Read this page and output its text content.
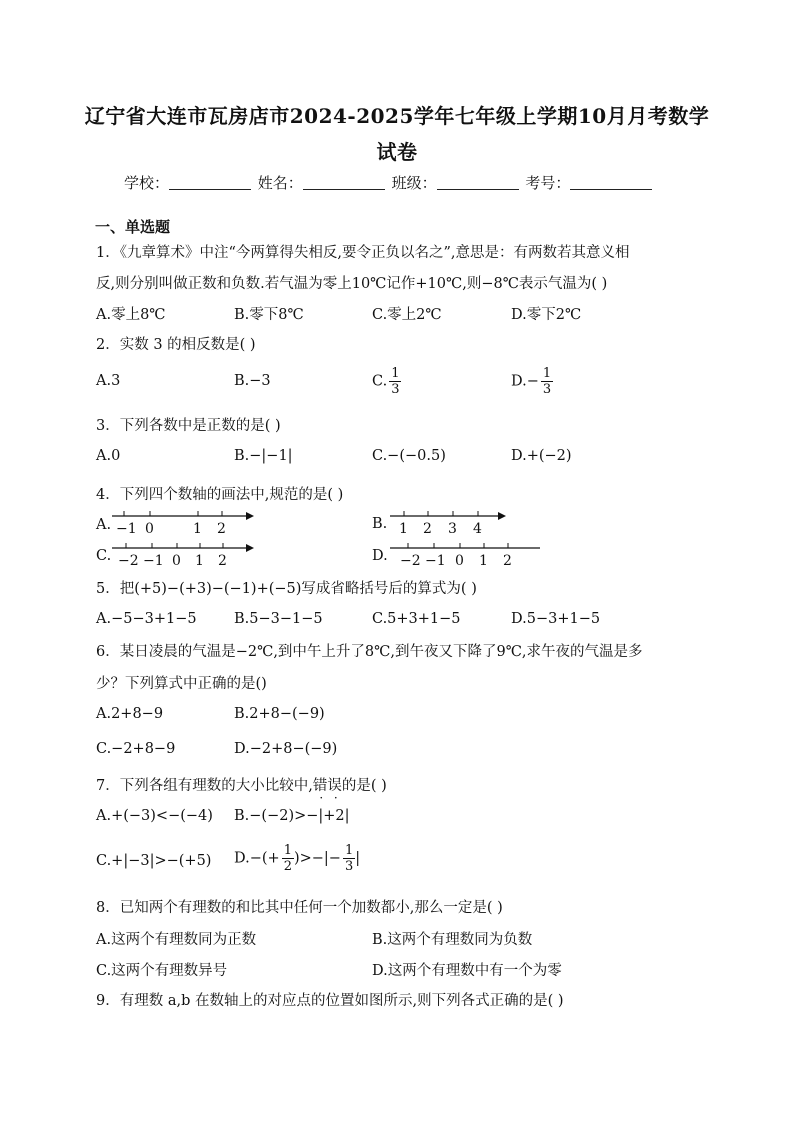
辽宁省大连市瓦房店市2024-2025学年七年级上学期10月月考数学
试卷
学校：	姓名：	班级：	考号：
一、单选题
1．《九章算术》中注“今两算得失相反,要令正负以名之”,意思是：有两数若其意义相
反,则分别叫做正数和负数.若气温为零上10℃记作+10℃,则−8℃表示气温为( )
A.零上8℃	B.零下8℃	C.零上2℃	D.零下2℃
2．实数 3 的相反数是( )
A.3	B.−3	C. $\frac{1}{3}$	$D.- \frac{1}{3}$
3．下列各数中是正数的是( )
A.0	B.−|−1|	C.−(−0.5)	D.+(−2)
4．下列四个数轴的画法中,规范的是( )
A. −1 0	1 2	B. 1 2 3 4
C. −2 −1 0 1 2	D. −2 −1 0 1 2
5．把(+5)−(+3)−(−1)+(−5)写成省略括号后的算式为( )
A.−5−3+1−5	B.5−3−1−5	C.5+3+1−5	D.5−3+1−5
6．某日凌晨的气温是−2℃,到中午上升了8℃,到午夜又下降了9℃,求午夜的气温是多
少？下列算式中正确的是()
A.2+8−9	B.2+8−(−9)
C.−2+8−9	D.−2+8−(−9)
7．下列各组有理数的大小比较中,错误的是( )
A.+(−3)<−(−4) B.−(−2)>−|+2|
C.+|−3|>−(+5) $D.-(+ \frac{1}{2}$ )>−|− $\frac{1}{3}$ |
8．已知两个有理数的和比其中任何一个加数都小,那么一定是( )
A.这两个有理数同为正数	B.这两个有理数同为负数
C.这两个有理数异号	D.这两个有理数中有一个为零
9．有理数 a,b 在数轴上的对应点的位置如图所示,则下列各式正确的是( )
